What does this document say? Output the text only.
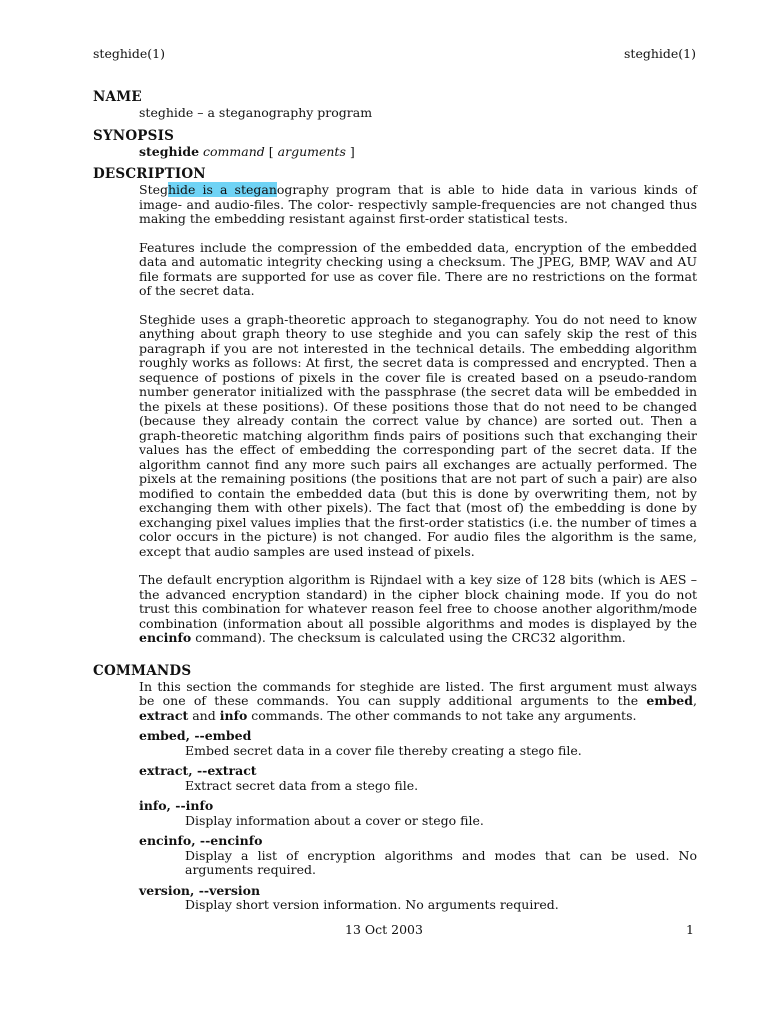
steghide(1)	steghide(1)
NAME
steghide – a steganography program
SYNOPSIS
steghide command [ arguments ]
DESCRIPTION

Steghide is a steganography program that is able to hide data in various kinds of image- and audio-files. The color- respectivly sample-frequencies are not changed thus making the embedding resistant against first-order statistical tests.

Features include the compression of the embedded data, encryption of the embedded data and automatic integrity checking using a checksum. The JPEG, BMP, WAV and AU file formats are supported for use as cover file. There are no restrictions on the format of the secret data.

Steghide uses a graph-theoretic approach to steganography. You do not need to know anything about graph theory to use steghide and you can safely skip the rest of this paragraph if you are not interested in the technical details. The embedding algorithm roughly works as follows: At first, the secret data is compressed and encrypted. Then a sequence of postions of pixels in the cover file is created based on a pseudo-random number generator initialized with the passphrase (the secret data will be embedded in the pixels at these positions). Of these positions those that do not need to be changed (because they already contain the correct value by chance) are sorted out. Then a graph-theoretic matching algorithm finds pairs of positions such that exchanging their values has the effect of embedding the corresponding part of the secret data. If the algorithm cannot find any more such pairs all exchanges are actually performed. The pixels at the remaining positions (the positions that are not part of such a pair) are also modified to contain the embedded data (but this is done by overwriting them, not by exchanging them with other pixels). The fact that (most of) the embedding is done by exchanging pixel values implies that the first-order statistics (i.e. the number of times a color occurs in the picture) is not changed. For audio files the algorithm is the same, except that audio samples are used instead of pixels.

The default encryption algorithm is Rijndael with a key size of 128 bits (which is AES – the advanced encryption standard) in the cipher block chaining mode. If you do not trust this combination for whatever reason feel free to choose another algorithm/mode combination (information about all possible algorithms and modes is displayed by the encinfo command). The checksum is calculated using the CRC32 algorithm.

COMMANDS
In this section the commands for steghide are listed. The first argument must always be one of these commands. You can supply additional arguments to the embed, extract and info commands. The other commands to not take any arguments.
embed, --embed
Embed secret data in a cover file thereby creating a stego file.
extract, --extract
Extract secret data from a stego file.
info, --info
Display information about a cover or stego file.
encinfo, --encinfo
Display a list of encryption algorithms and modes that can be used. No arguments required.
version, --version
Display short version information. No arguments required.
13 Oct 2003	1
